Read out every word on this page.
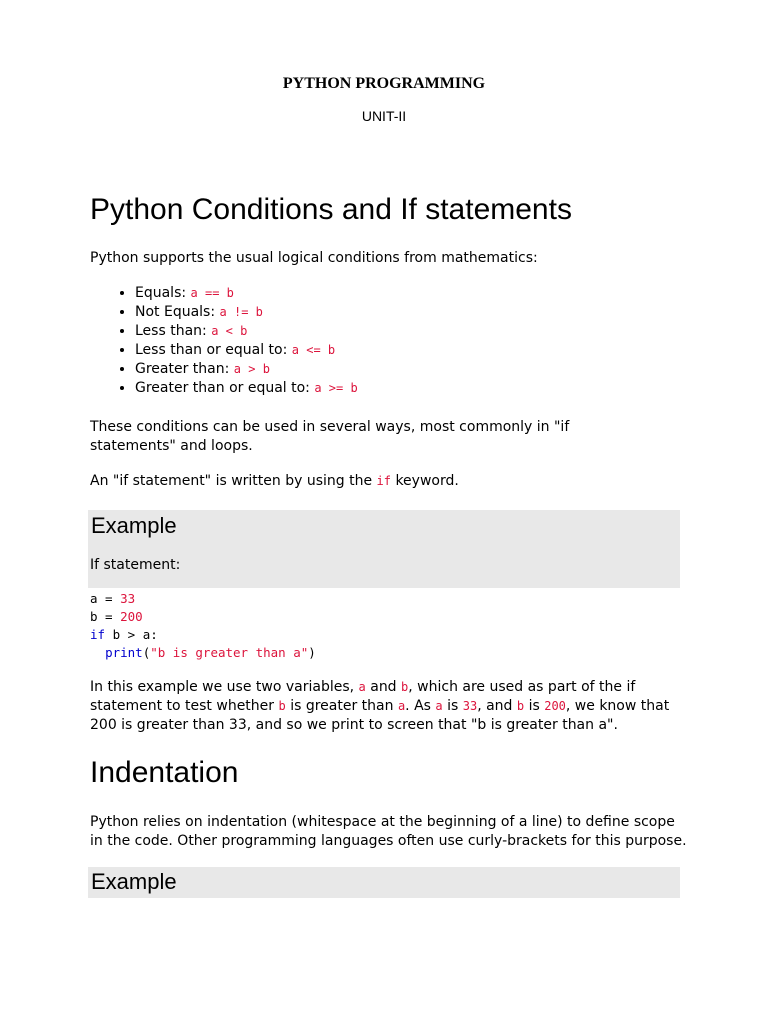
PYTHON PROGRAMMING
UNIT-II
Python Conditions and If statements
Python supports the usual logical conditions from mathematics:
• Equals: a == b
• Not Equals: a != b
• Less than: a < b
• Less than or equal to: a <= b
• Greater than: a > b
• Greater than or equal to: a >= b
These conditions can be used in several ways, most commonly in "if statements" and loops.
An "if statement" is written by using the if keyword.
Example
If statement:
a = 33
b = 200
if b > a:
print("b is greater than a")
In this example we use two variables, a and b, which are used as part of the if statement to test whether b is greater than a. As a is 33, and b is 200, we know that 200 is greater than 33, and so we print to screen that "b is greater than a".
Indentation
Python relies on indentation (whitespace at the beginning of a line) to define scope in the code. Other programming languages often use curly-brackets for this purpose.
Example
